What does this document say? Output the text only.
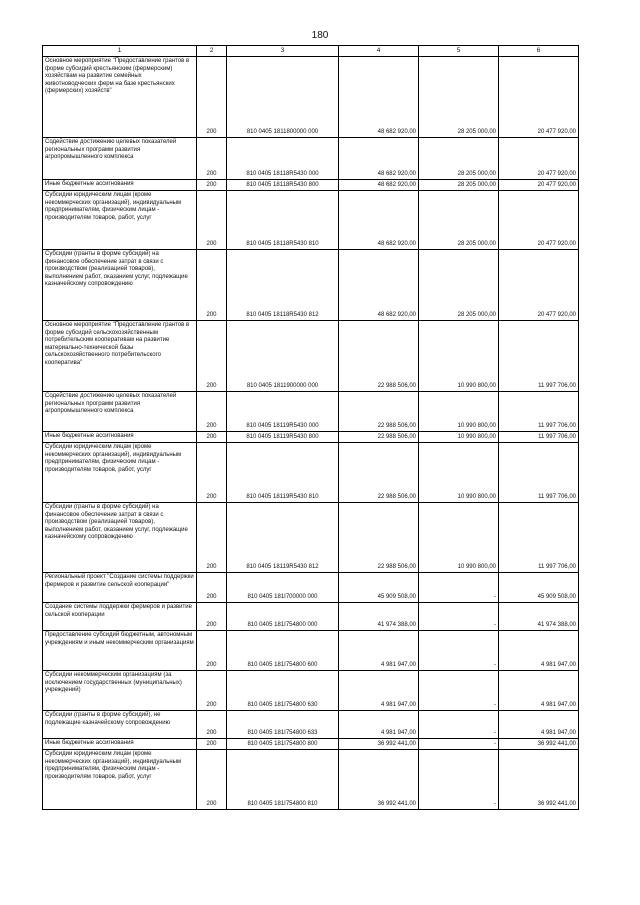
180
1	2	3	4	5	6
Основное мероприятие "Предоставление грантов в форме субсидий крестьянским (фермерским) хозяйствам на развитие семейных животноводческих ферм на базе крестьянских (фермерских) хозяйств"	200	810 0405 1811800000 000	48 682 920,00	28 205 000,00	20 477 920,00
Содействие достижению целевых показателей региональных программ развития агропромышленного комплекса	200	810 0405 18118R5430 000	48 682 920,00	28 205 000,00	20 477 920,00
Иные бюджетные ассигнования	200	810 0405 18118R5430 800	48 682 920,00	28 205 000,00	20 477 920,00
Субсидии юридическим лицам (кроме некоммерческих организаций), индивидуальным предпринимателям, физическим лицам - производителям товаров, работ, услуг	200	810 0405 18118R5430 810	48 682 920,00	28 205 000,00	20 477 920,00
Субсидии (гранты в форме субсидий) на финансовое обеспечение затрат в связи с производством (реализацией товаров), выполнением работ, оказанием услуг, подлежащие казначейскому сопровождению	200	810 0405 18118R5430 812	48 682 920,00	28 205 000,00	20 477 920,00
Основное мероприятие "Предоставление грантов в форме субсидий сельскохозяйственным потребительским кооперативам на развитие материально-технической базы сельскохозяйственного потребительского кооператива"	200	810 0405 1811900000 000	22 988 506,00	10 990 800,00	11 997 706,00
Содействие достижению целевых показателей региональных программ развития агропромышленного комплекса	200	810 0405 18119R5430 000	22 988 506,00	10 990 800,00	11 997 706,00
Иные бюджетные ассигнования	200	810 0405 18119R5430 800	22 988 506,00	10 990 800,00	11 997 706,00
Субсидии юридическим лицам (кроме некоммерческих организаций), индивидуальным предпринимателям, физическим лицам - производителям товаров, работ, услуг	200	810 0405 18119R5430 810	22 988 506,00	10 990 800,00	11 997 706,00
Субсидии (гранты в форме субсидий) на финансовое обеспечение затрат в связи с производством (реализацией товаров), выполнением работ, оказанием услуг, подлежащие казначейскому сопровождению	200	810 0405 18119R5430 812	22 988 506,00	10 990 800,00	11 997 706,00
Региональный проект "Создание системы поддержки фермеров и развитие сельской кооперации"	200	810 0405 181I700000 000	45 909 508,00	-	45 909 508,00
Создание системы поддержки фермеров и развитие сельской кооперации	200	810 0405 181I754800 000	41 974 388,00	-	41 974 388,00
Предоставление субсидий бюджетным, автономным учреждениям и иным некоммерческим организациям	200	810 0405 181I754800 600	4 981 947,00	-	4 981 947,00
Субсидии некоммерческим организациям (за исключением государственных (муниципальных) учреждений)	200	810 0405 181I754800 630	4 981 947,00	-	4 981 947,00
Субсидии (гранты в форме субсидий), не подлежащие казначейскому сопровождению	200	810 0405 181I754800 633	4 981 947,00	-	4 981 947,00
Иные бюджетные ассигнования	200	810 0405 181I754800 800	36 992 441,00	-	36 992 441,00
Субсидии юридическим лицам (кроме некоммерческих организаций), индивидуальным предпринимателям, физическим лицам - производителям товаров, работ, услуг	200	810 0405 181I754800 810	36 992 441,00	-	36 992 441,00
